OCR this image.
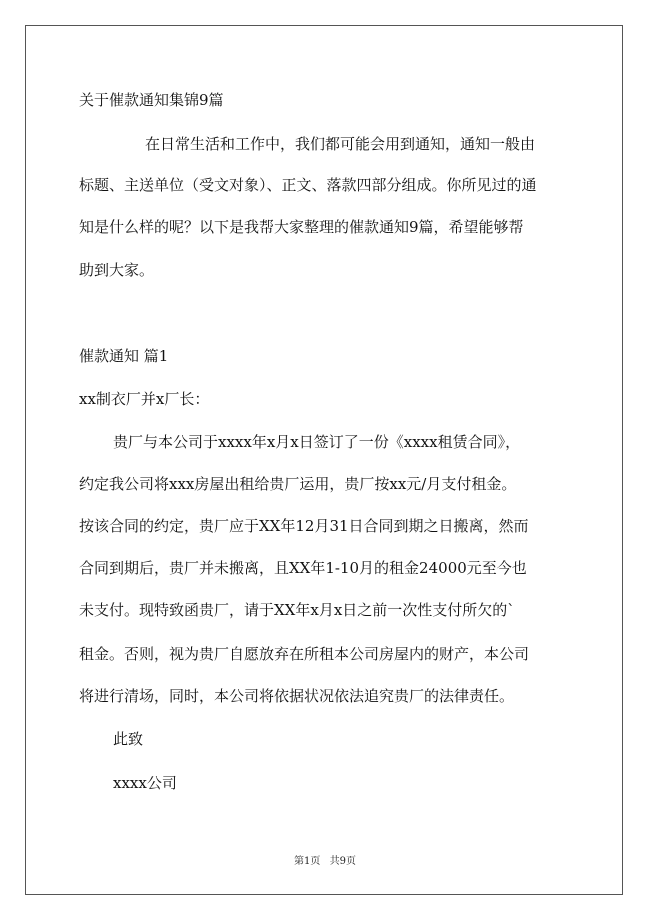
关于催款通知集锦9篇
在日常生活和工作中，我们都可能会用到通知，通知一般由
标题、主送单位（受文对象）、正文、落款四部分组成。你所见过的通
知是什么样的呢？以下是我帮大家整理的催款通知9篇，希望能够帮
助到大家。
催款通知 篇1
xx制衣厂并x厂长：
贵厂与本公司于xxxx年x月x日签订了一份《xxxx租赁合同》，
约定我公司将xxx房屋出租给贵厂运用，贵厂按xx元/月支付租金。
按该合同的约定，贵厂应于XX年12月31日合同到期之日搬离，然而
合同到期后，贵厂并未搬离，且XX年1-10月的租金24000元至今也
未支付。现特致函贵厂，请于XX年x月x日之前一次性支付所欠的`
租金。否则，视为贵厂自愿放弃在所租本公司房屋内的财产，本公司
将进行清场，同时，本公司将依据状况依法追究贵厂的法律责任。
此致
xxxx公司
第1页 共9页
